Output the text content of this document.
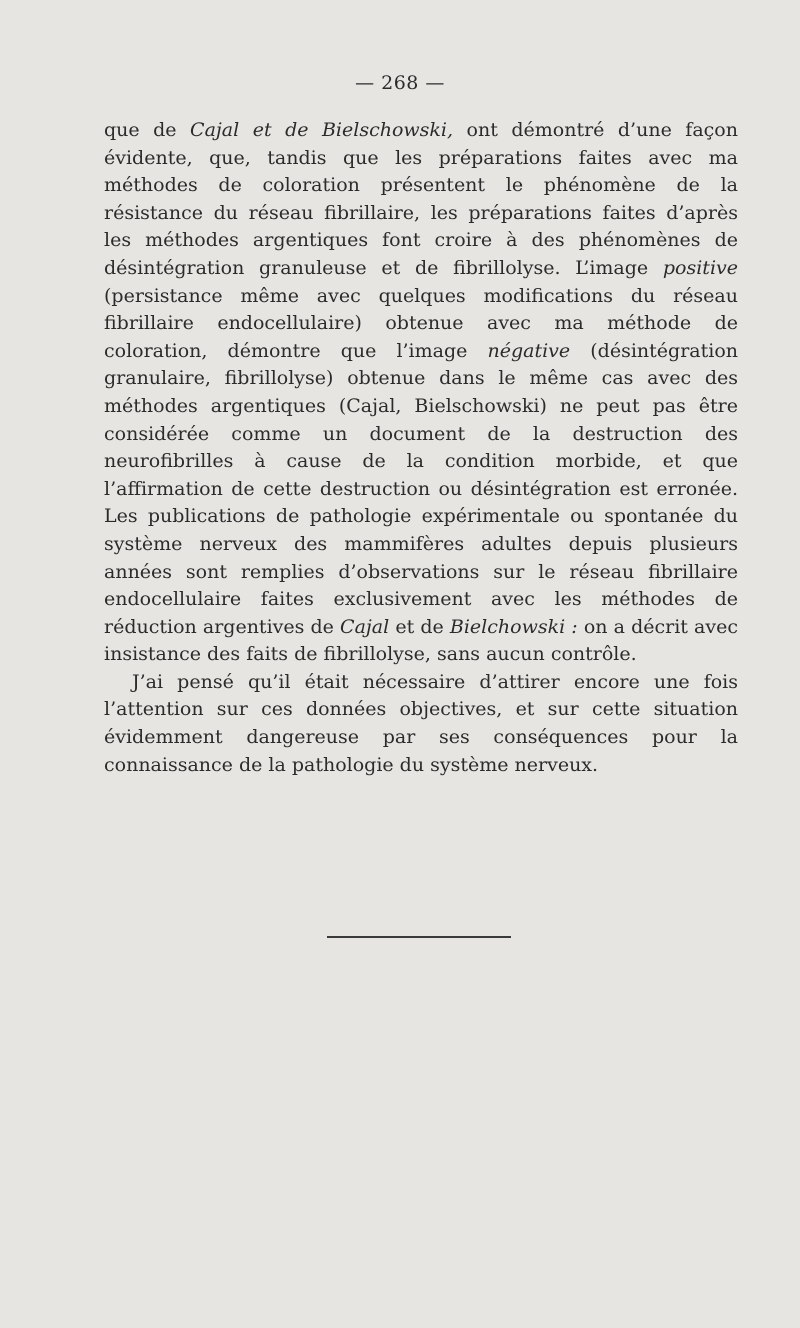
— 268 —

que de Cajal et de Bielschowski, ont démontré d’une façon évidente, que, tandis que les préparations faites avec ma méthodes de coloration présentent le phénomène de la résistance du réseau fibrillaire, les préparations faites d’après les méthodes argentiques font croire à des phénomènes de désintégration granuleuse et de fibrillolyse. L’image positive (persistance même avec quelques modifications du réseau fibrillaire endocellulaire) obtenue avec ma méthode de coloration, démontre que l’image négative (désintégration granulaire, fibrillolyse) obtenue dans le même cas avec des méthodes argentiques (Cajal, Bielschowski) ne peut pas être considérée comme un document de la destruction des neurofibrilles à cause de la condition morbide, et que l’affirmation de cette destruction ou désintégration est erronée. Les publications de pathologie expérimentale ou spontanée du système nerveux des mammifères adultes depuis plusieurs années sont remplies d’observations sur le réseau fibrillaire endocellulaire faites exclusivement avec les méthodes de réduction argentives de Cajal et de Bielchowski : on a décrit avec insistance des faits de fibrillolyse, sans aucun contrôle.

J’ai pensé qu’il était nécessaire d’attirer encore une fois l’attention sur ces données objectives, et sur cette situation évidemment dangereuse par ses conséquences pour la connaissance de la pathologie du système nerveux.
